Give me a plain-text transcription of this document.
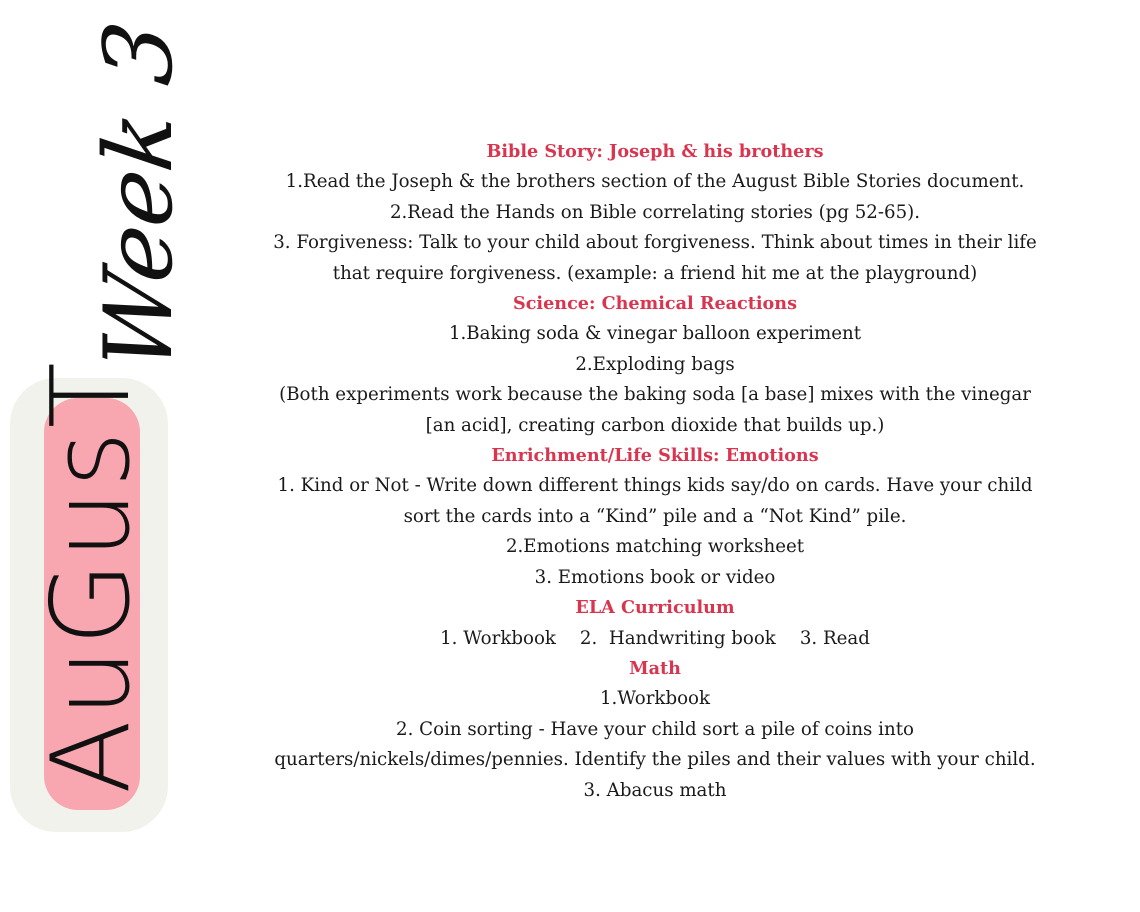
AuGusT
Week 3	Bible Story: Joseph & his brothers

1.Read the Joseph & the brothers section of the August Bible Stories document.

2.Read the Hands on Bible correlating stories (pg 52-65).

3. Forgiveness: Talk to your child about forgiveness. Think about times in their life

that require forgiveness. (example: a friend hit me at the playground)

Science: Chemical Reactions

1.Baking soda & vinegar balloon experiment

2.Exploding bags

(Both experiments work because the baking soda [a base] mixes with the vinegar

[an acid], creating carbon dioxide that builds up.)

Enrichment/Life Skills: Emotions

1. Kind or Not - Write down different things kids say/do on cards. Have your child

sort the cards into a “Kind” pile and a “Not Kind” pile.

2.Emotions matching worksheet

3. Emotions book or video

ELA Curriculum

1. Workbook 2.  Handwriting book 3. Read

Math

1.Workbook

2. Coin sorting - Have your child sort a pile of coins into

quarters/nickels/dimes/pennies. Identify the piles and their values with your child.

3. Abacus math
